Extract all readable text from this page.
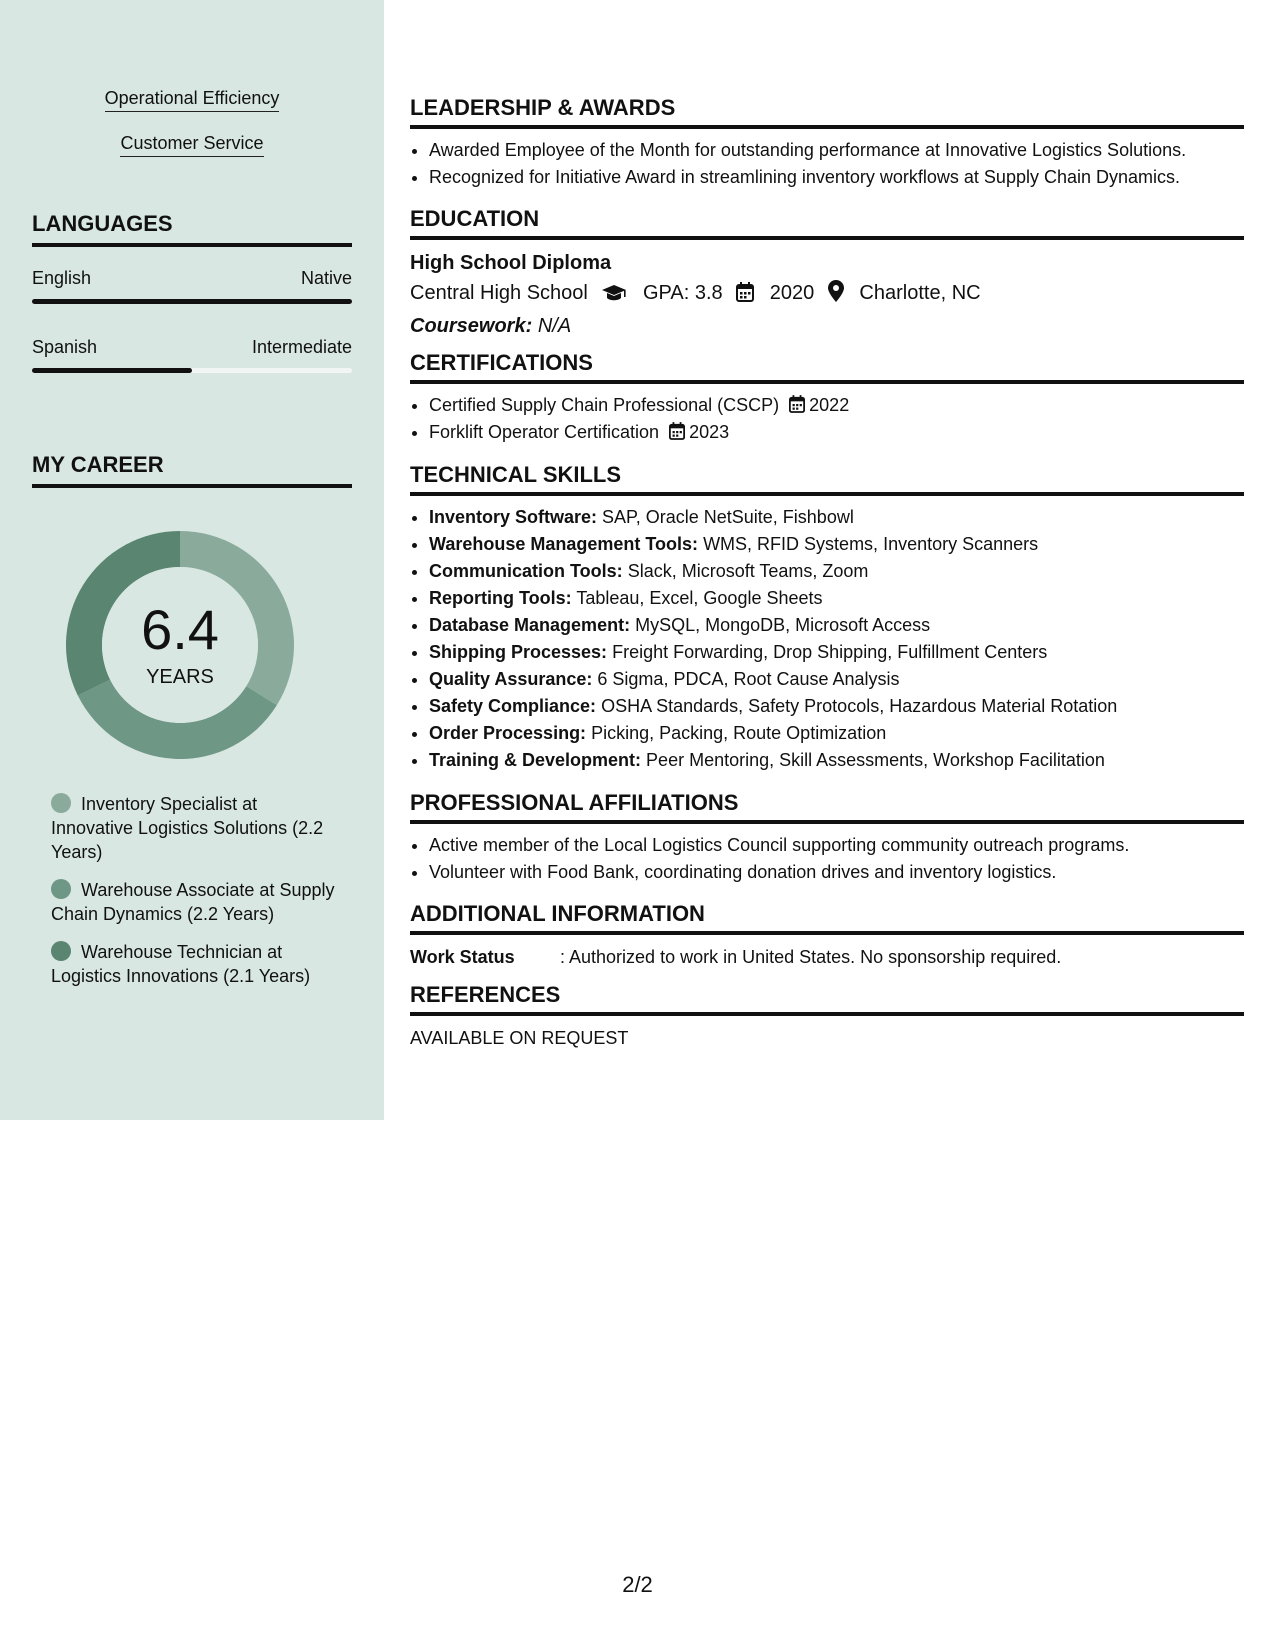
Operational Efficiency
Customer Service
LANGUAGES
English	Native
Spanish	Intermediate
MY CAREER
6.4
YEARS
Inventory Specialist at Innovative Logistics Solutions (2.2 Years)
Warehouse Associate at Supply Chain Dynamics (2.2 Years)
Warehouse Technician at Logistics Innovations (2.1 Years)
LEADERSHIP & AWARDS
• Awarded Employee of the Month for outstanding performance at Innovative Logistics Solutions.
• Recognized for Initiative Award in streamlining inventory workflows at Supply Chain Dynamics.
EDUCATION
High School Diploma
Central High School	GPA: 3.8 2020 Charlotte, NC
Coursework: N/A
CERTIFICATIONS
• Certified Supply Chain Professional (CSCP) 2022
• Forklift Operator Certification 2023
TECHNICAL SKILLS
• Inventory Software: SAP, Oracle NetSuite, Fishbowl
• Warehouse Management Tools: WMS, RFID Systems, Inventory Scanners
• Communication Tools: Slack, Microsoft Teams, Zoom
• Reporting Tools: Tableau, Excel, Google Sheets
• Database Management: MySQL, MongoDB, Microsoft Access
• Shipping Processes: Freight Forwarding, Drop Shipping, Fulfillment Centers
• Quality Assurance: 6 Sigma, PDCA, Root Cause Analysis
• Safety Compliance: OSHA Standards, Safety Protocols, Hazardous Material Rotation
• Order Processing: Picking, Packing, Route Optimization
• Training & Development: Peer Mentoring, Skill Assessments, Workshop Facilitation
PROFESSIONAL AFFILIATIONS
• Active member of the Local Logistics Council supporting community outreach programs.
• Volunteer with Food Bank, coordinating donation drives and inventory logistics.
ADDITIONAL INFORMATION
Work Status	: Authorized to work in United States. No sponsorship required.
REFERENCES
AVAILABLE ON REQUEST
2/2
